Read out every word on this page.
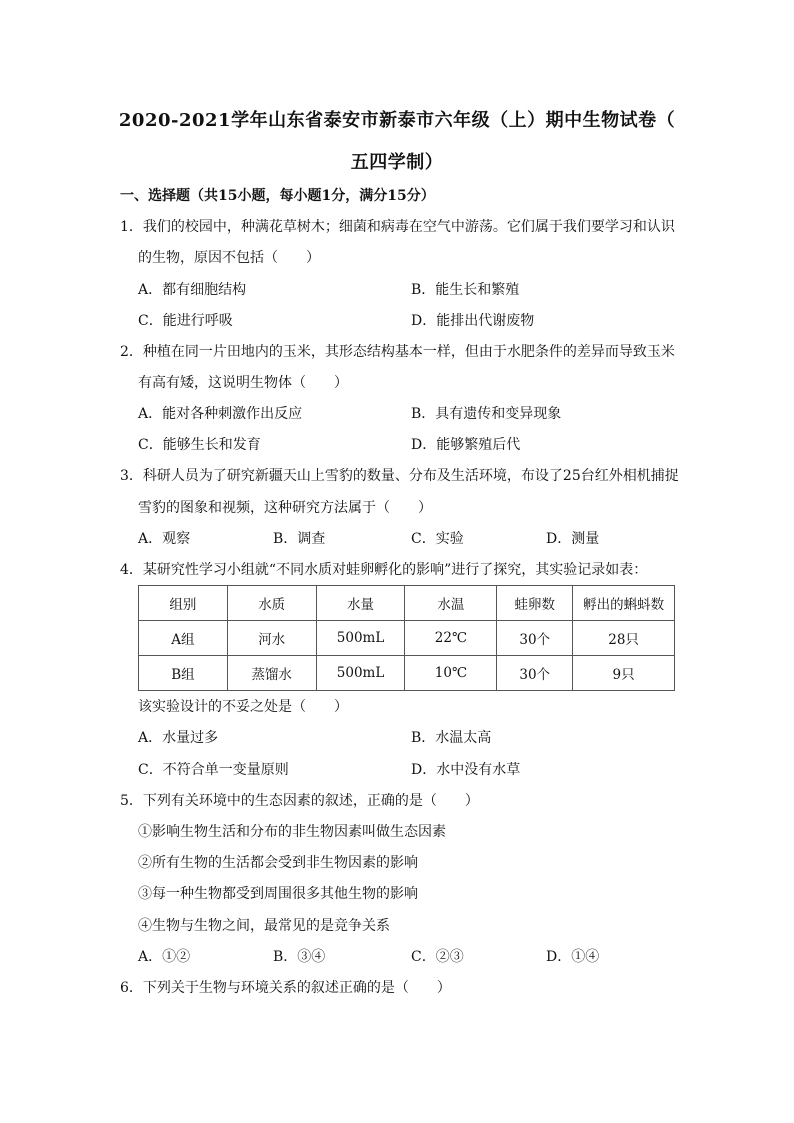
2020-2021学年山东省泰安市新泰市六年级（上）期中生物试卷（
五四学制）
一、选择题（共15小题，每小题1分，满分15分）
1．我们的校园中，种满花草树木；细菌和病毒在空气中游荡。它们属于我们要学习和认识
的生物，原因不包括（　　）
A．都有细胞结构	B．能生长和繁殖
C．能进行呼吸	D．能排出代谢废物
2．种植在同一片田地内的玉米，其形态结构基本一样，但由于水肥条件的差异而导致玉米
有高有矮，这说明生物体（　　）
A．能对各种刺激作出反应	B．具有遗传和变异现象
C．能够生长和发育	D．能够繁殖后代
3．科研人员为了研究新疆天山上雪豹的数量、分布及生活环境，布设了25台红外相机捕捉
雪豹的图象和视频，这种研究方法属于（　　）
A．观察	B．调查	C．实验	D．测量
4．某研究性学习小组就“不同水质对蛙卵孵化的影响”进行了探究，其实验记录如表：
组别	水质	水量	水温	蛙卵数	孵出的蝌蚪数
A组	河水	500mL	22℃	30个	28只
B组	蒸馏水	500mL	10℃	30个	9只
该实验设计的不妥之处是（　　）
A．水量过多	B．水温太高
C．不符合单一变量原则	D．水中没有水草
5．下列有关环境中的生态因素的叙述，正确的是（　　）
①影响生物生活和分布的非生物因素叫做生态因素
②所有生物的生活都会受到非生物因素的影响
③每一种生物都受到周围很多其他生物的影响
④生物与生物之间，最常见的是竞争关系
A．①②	B．③④	C．②③	D．①④
6．下列关于生物与环境关系的叙述正确的是（　　）
